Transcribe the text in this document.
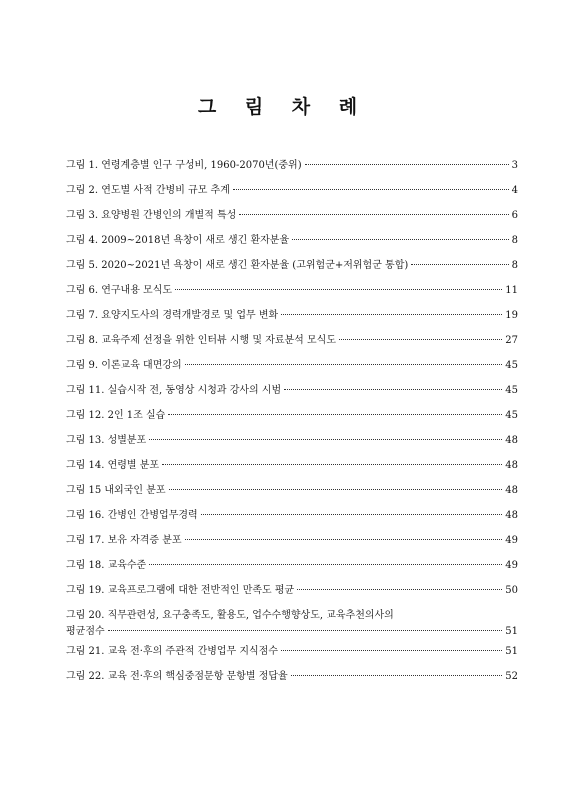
그 림 차 례
그림 1. 연령계층별 인구 구성비, 1960-2070년(중위)	3
그림 2. 연도별 사적 간병비 규모 추계	4
그림 3. 요양병원 간병인의 개별적 특성	6
그림 4. 2009~2018년 욕창이 새로 생긴 환자분율	8
그림 5. 2020~2021년 욕창이 새로 생긴 환자분율 (고위험군+저위험군 통합)	8
그림 6. 연구내용 모식도	11
그림 7. 요양지도사의 경력개발경로 및 업무 변화	19
그림 8. 교육주제 선정을 위한 인터뷰 시행 및 자료분석 모식도	27
그림 9. 이론교육 대면강의	45
그림 11. 실습시작 전, 동영상 시청과 강사의 시범	45
그림 12. 2인 1조 실습	45
그림 13. 성별분포	48
그림 14. 연령별 분포	48
그림 15 내외국인 분포	48
그림 16. 간병인 간병업무경력	48
그림 17. 보유 자격증 분포	49
그림 18. 교육수준	49
그림 19. 교육프로그램에 대한 전반적인 만족도 평균	50
그림 20. 직무관련성, 요구충족도, 활용도, 업수수행향상도, 교육추천의사의
평균점수	51
그림 21. 교육 전·후의 주관적 간병업무 지식점수	51
그림 22. 교육 전·후의 핵심중점문항 문항별 정답율	52
